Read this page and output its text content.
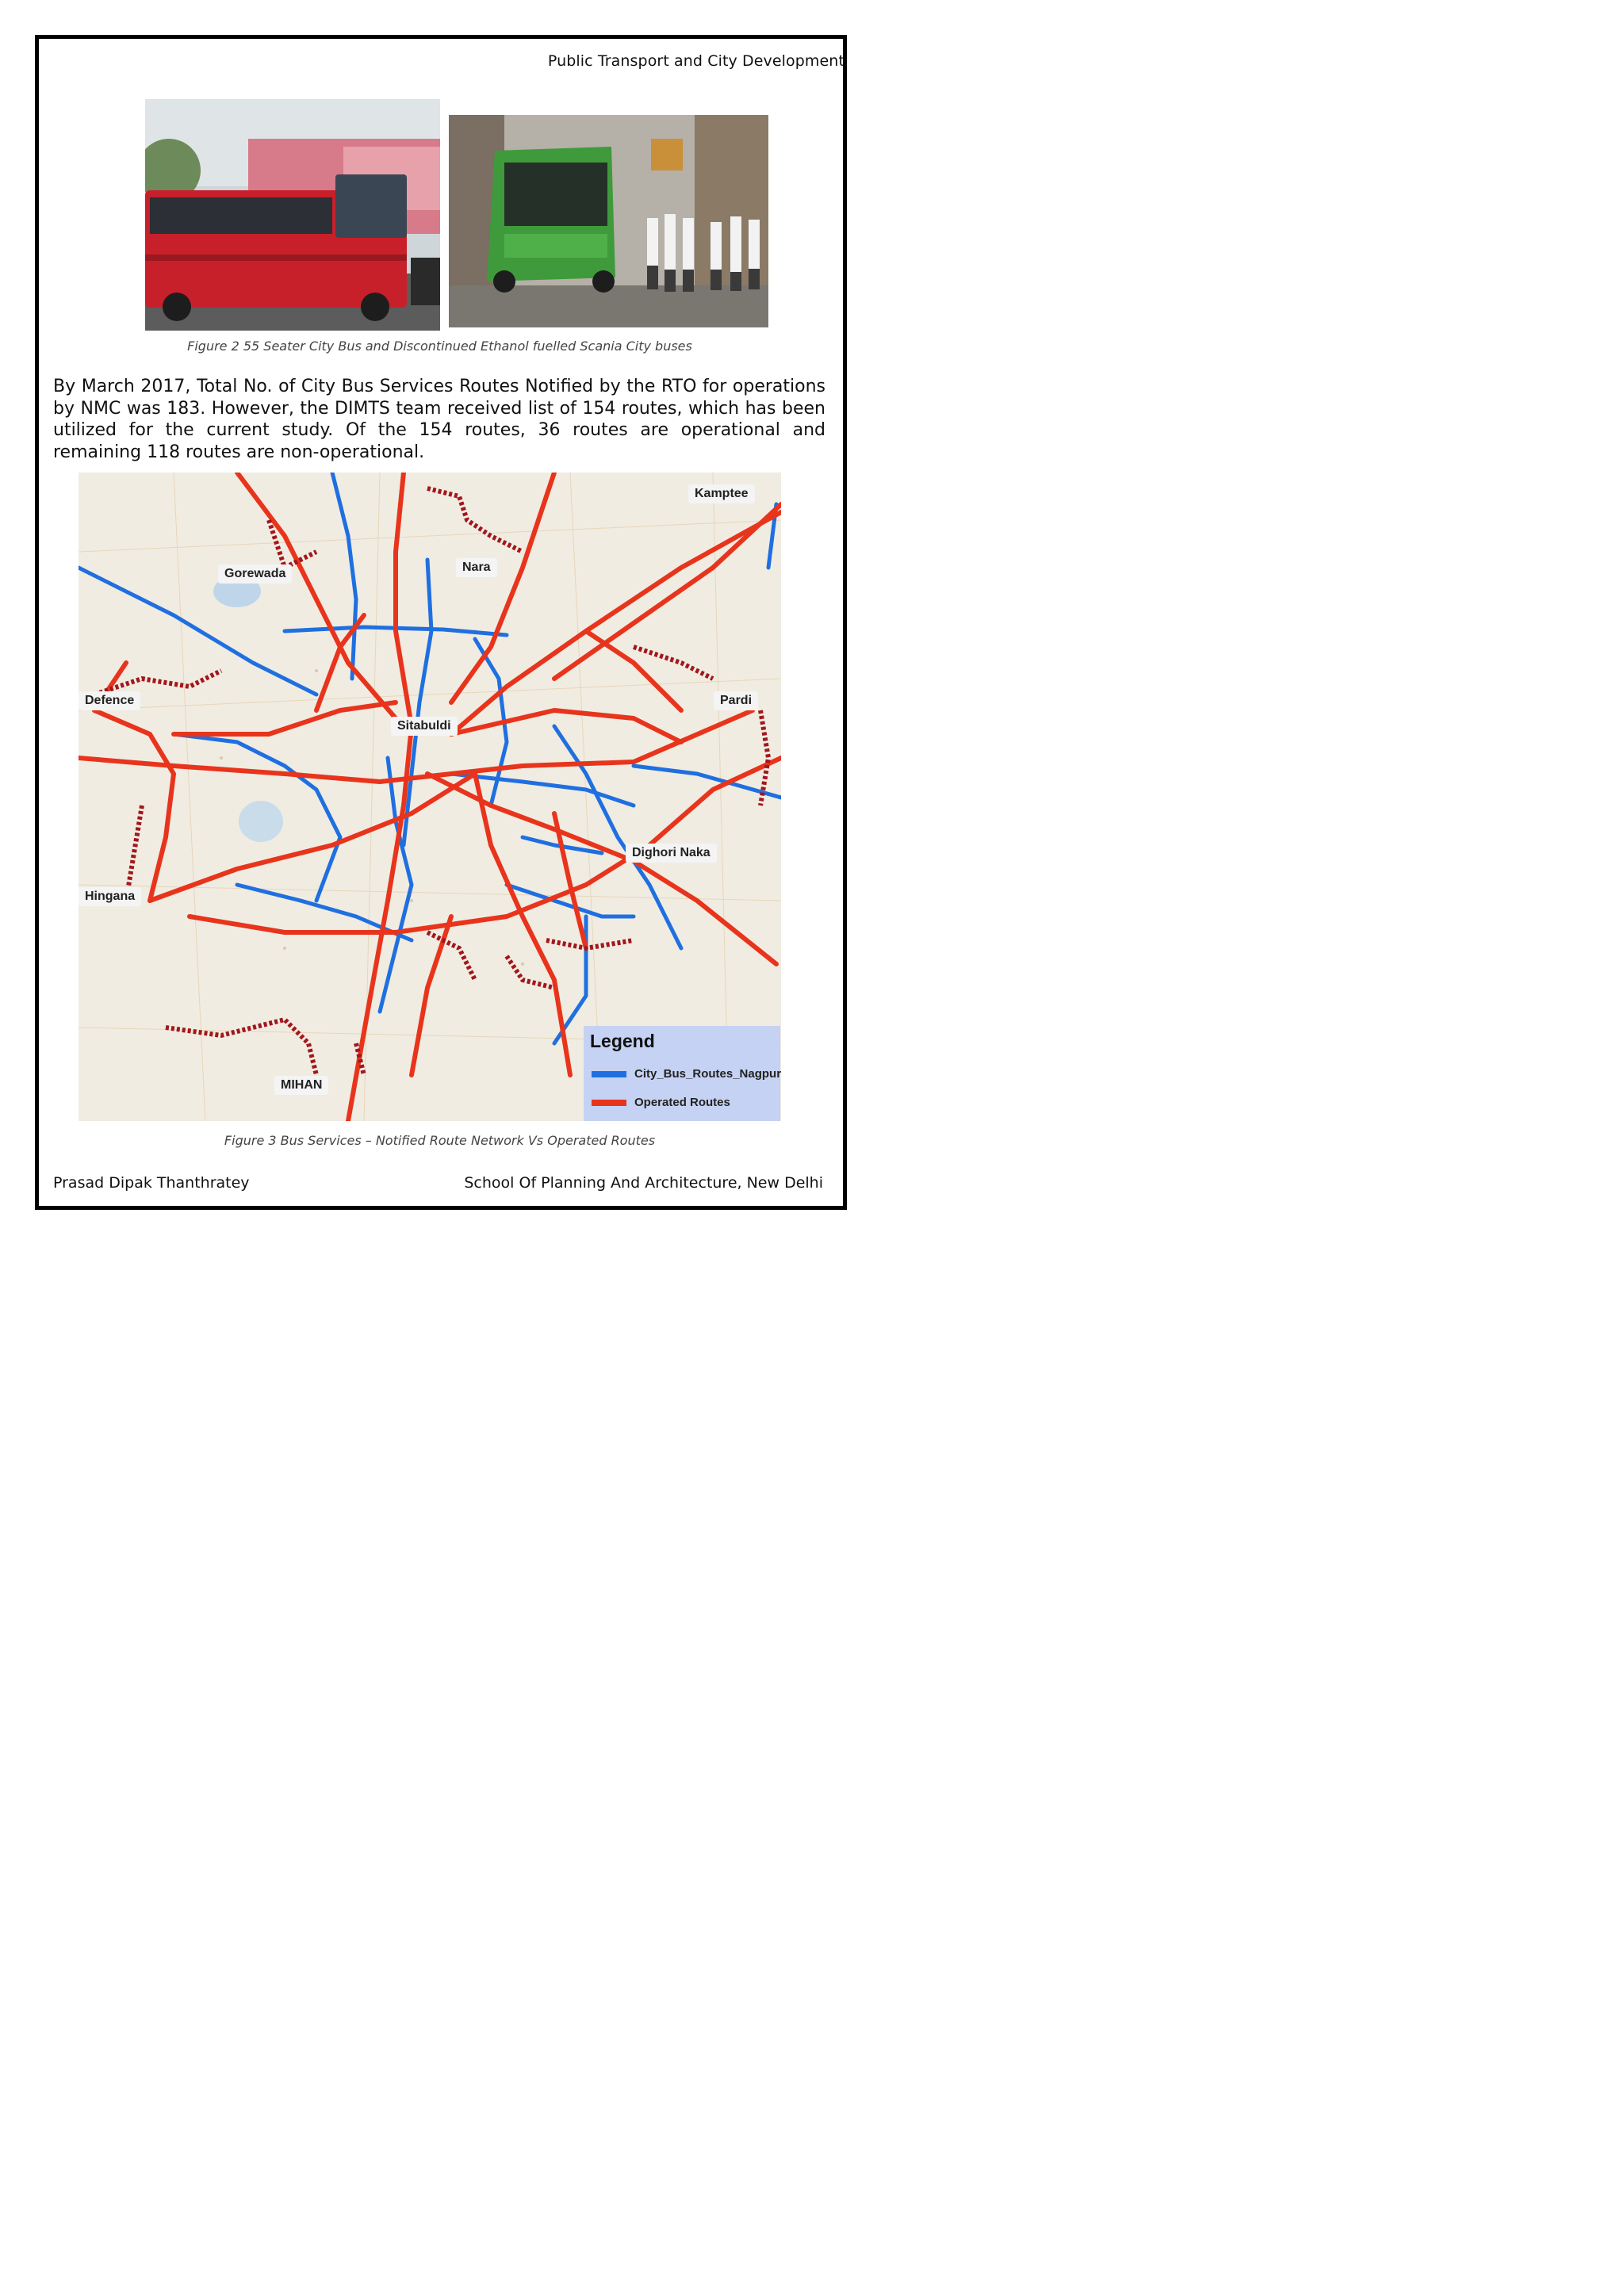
Public Transport and City Development
Figure 2 55 Seater City Bus and Discontinued Ethanol fuelled Scania City buses
By March 2017, Total No. of City Bus Services Routes Notified by the RTO for operations by NMC was 183. However, the DIMTS team received list of 154 routes, which has been utilized for the current study. Of the 154 routes, 36 routes are operational and remaining 118 routes are non-operational.
Kamptee
Nara
Gorewada
Defence	Pardi
Sitabuldi
Dighori Naka
Hingana
MIHAN
Legend
City_Bus_Routes_Nagpur
Operated Routes
Figure 3 Bus Services – Notified Route Network Vs Operated Routes
Prasad Dipak Thanthratey	School Of Planning And Architecture, New Delhi
